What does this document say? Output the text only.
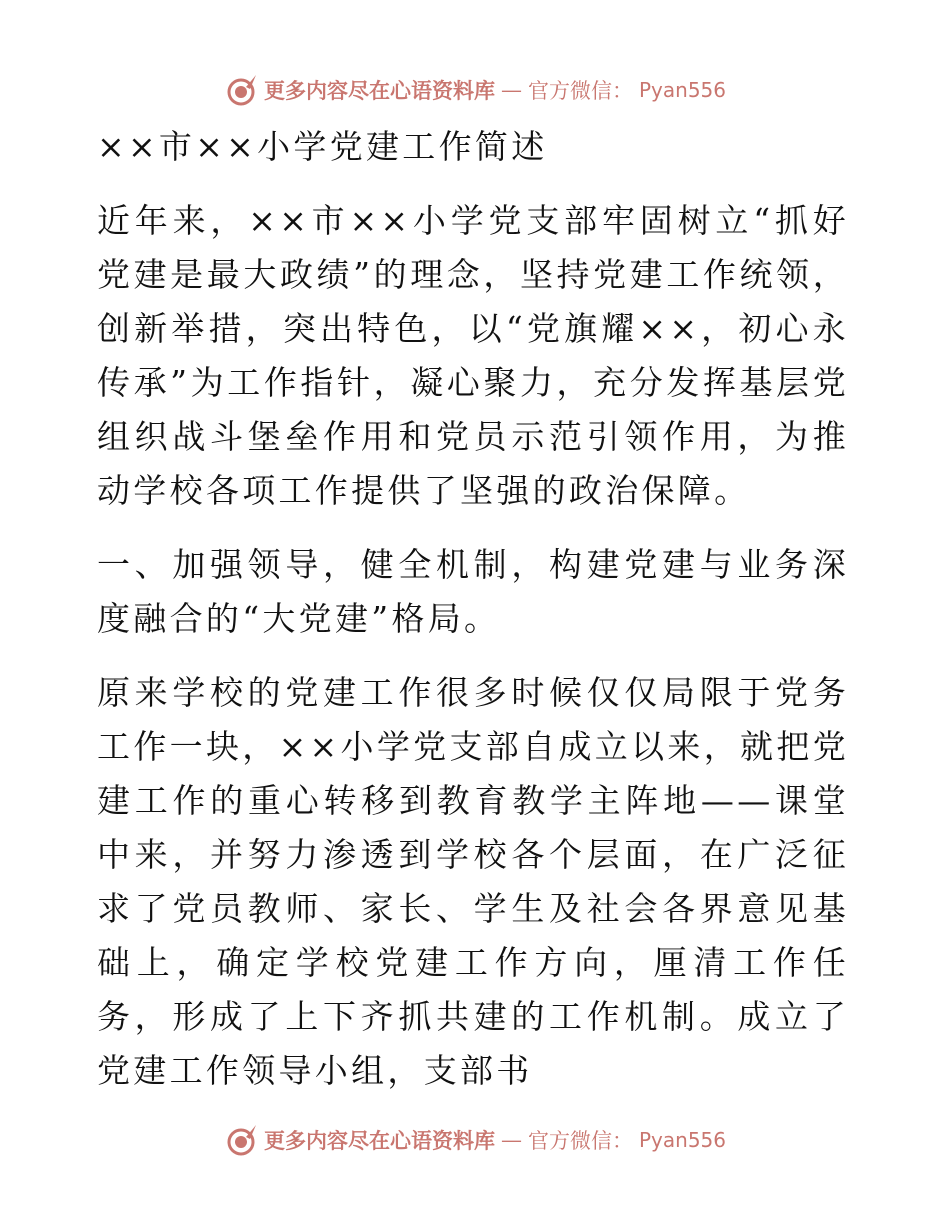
更多内容尽在心语资料库 — 官方微信： Pyan556

××市××小学党建工作简述

近年来，××市××小学党支部牢固树立“抓好党建是最大政绩”的理念，坚持党建工作统领，创新举措，突出特色，以“党旗耀××，初心永传承”为工作指针，凝心聚力，充分发挥基层党组织战斗堡垒作用和党员示范引领作用，为推动学校各项工作提供了坚强的政治保障。

一、加强领导，健全机制，构建党建与业务深度融合的“大党建”格局。

原来学校的党建工作很多时候仅仅局限于党务工作一块，××小学党支部自成立以来，就把党建工作的重心转移到教育教学主阵地——课堂中来，并努力渗透到学校各个层面，在广泛征求了党员教师、家长、学生及社会各界意见基础上，确定学校党建工作方向，厘清工作任务，形成了上下齐抓共建的工作机制。成立了党建工作领导小组，支部书

更多内容尽在心语资料库 — 官方微信： Pyan556
